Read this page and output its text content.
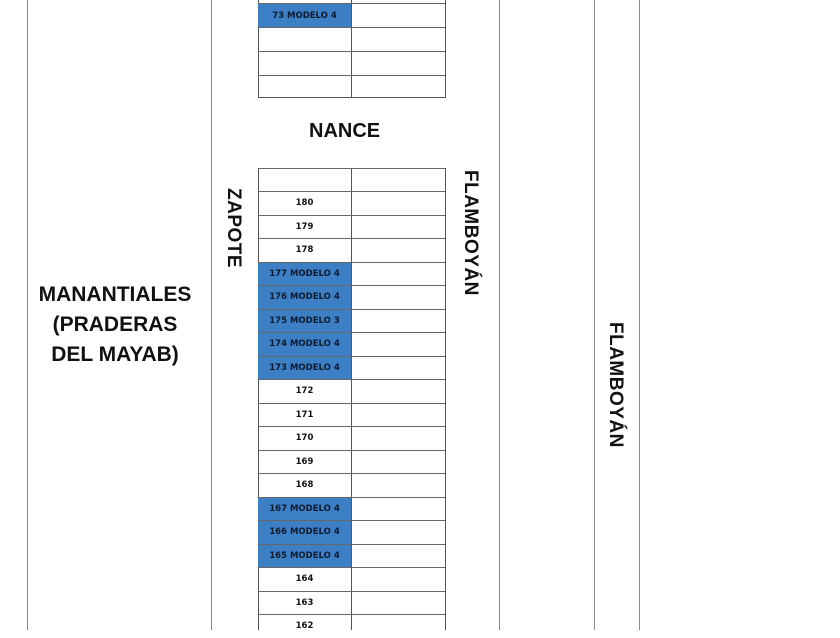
73 MODELO 4
NANCE
ZAPOTE	FLAMBOYÁN
FLAMBOYÁN
MANANTIALES
(PRADERAS
DEL MAYAB)
180
179
178
177 MODELO 4
176 MODELO 4
175 MODELO 3
174 MODELO 4
173 MODELO 4
172
171
170
169
168
167 MODELO 4
166 MODELO 4
165 MODELO 4
164
163
162
